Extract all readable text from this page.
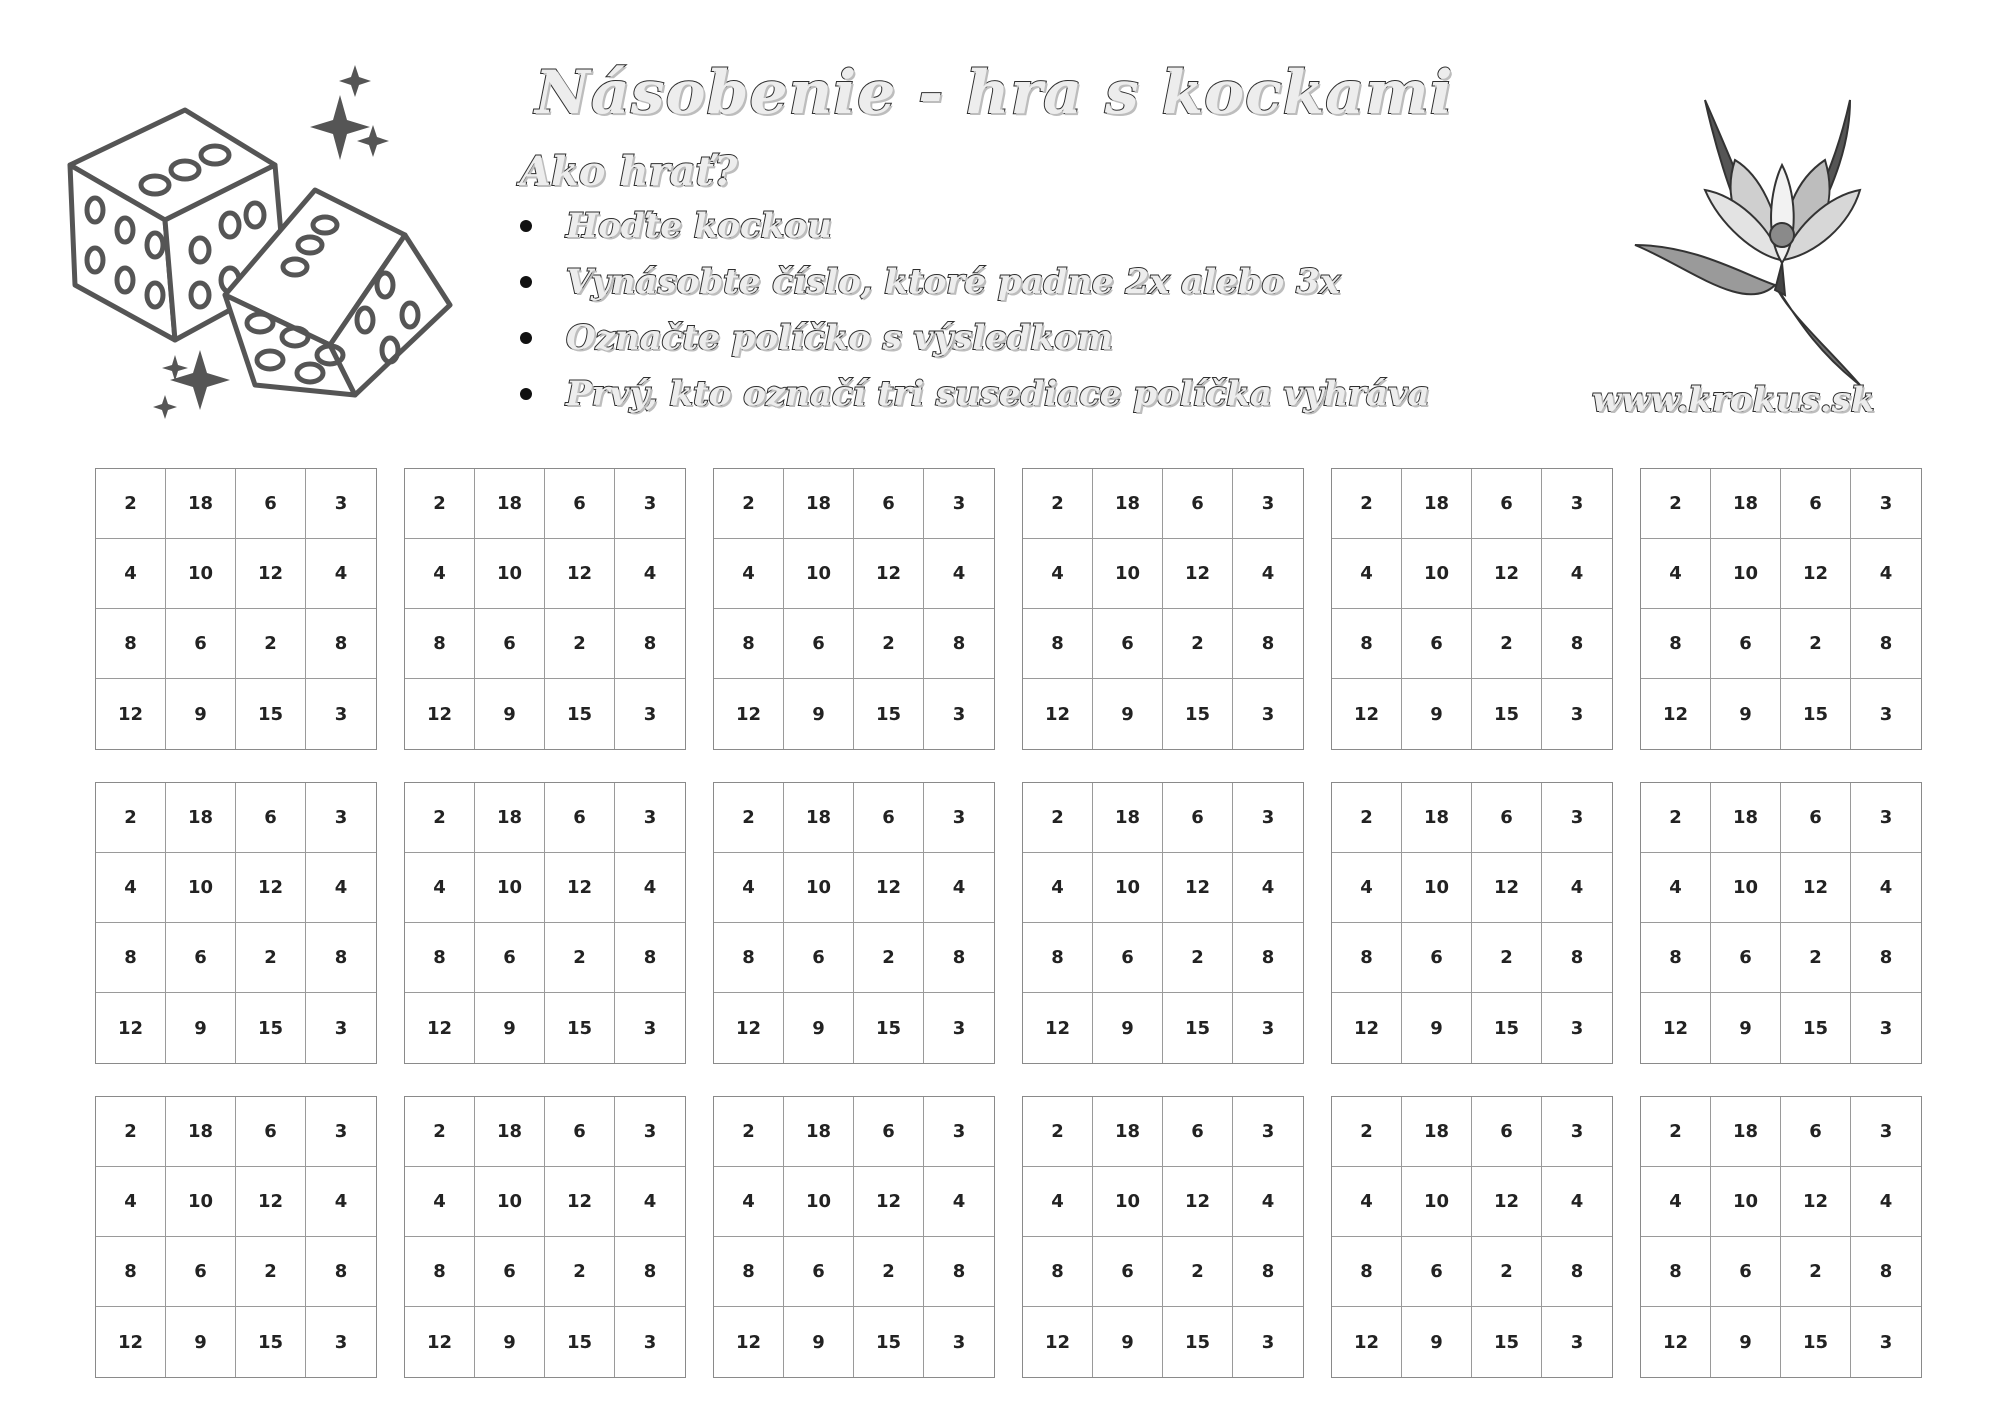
Násobenie - hra s kockami
Ako hrať?
Hoďte kockou
Vynásobte číslo, ktoré padne 2x alebo 3x
Označte políčko s výsledkom
Prvý, kto označí tri susediace políčka vyhráva	www.krokus.sk
2	18	6	3
4	10	12	4
8	6	2	8
12	9	15	3
2	18	6	3
4	10	12	4
8	6	2	8
12	9	15	3
2	18	6	3
4	10	12	4
8	6	2	8
12	9	15	3
2	18	6	3
4	10	12	4
8	6	2	8
12	9	15	3
2	18	6	3
4	10	12	4
8	6	2	8
12	9	15	3
2	18	6	3
4	10	12	4
8	6	2	8
12	9	15	3
2	18	6	3
4	10	12	4
8	6	2	8
12	9	15	3
2	18	6	3
4	10	12	4
8	6	2	8
12	9	15	3
2	18	6	3
4	10	12	4
8	6	2	8
12	9	15	3
2	18	6	3
4	10	12	4
8	6	2	8
12	9	15	3
2	18	6	3
4	10	12	4
8	6	2	8
12	9	15	3
2	18	6	3
4	10	12	4
8	6	2	8
12	9	15	3
2	18	6	3
4	10	12	4
8	6	2	8
12	9	15	3
2	18	6	3
4	10	12	4
8	6	2	8
12	9	15	3
2	18	6	3
4	10	12	4
8	6	2	8
12	9	15	3
2	18	6	3
4	10	12	4
8	6	2	8
12	9	15	3
2	18	6	3
4	10	12	4
8	6	2	8
12	9	15	3
2	18	6	3
4	10	12	4
8	6	2	8
12	9	15	3
